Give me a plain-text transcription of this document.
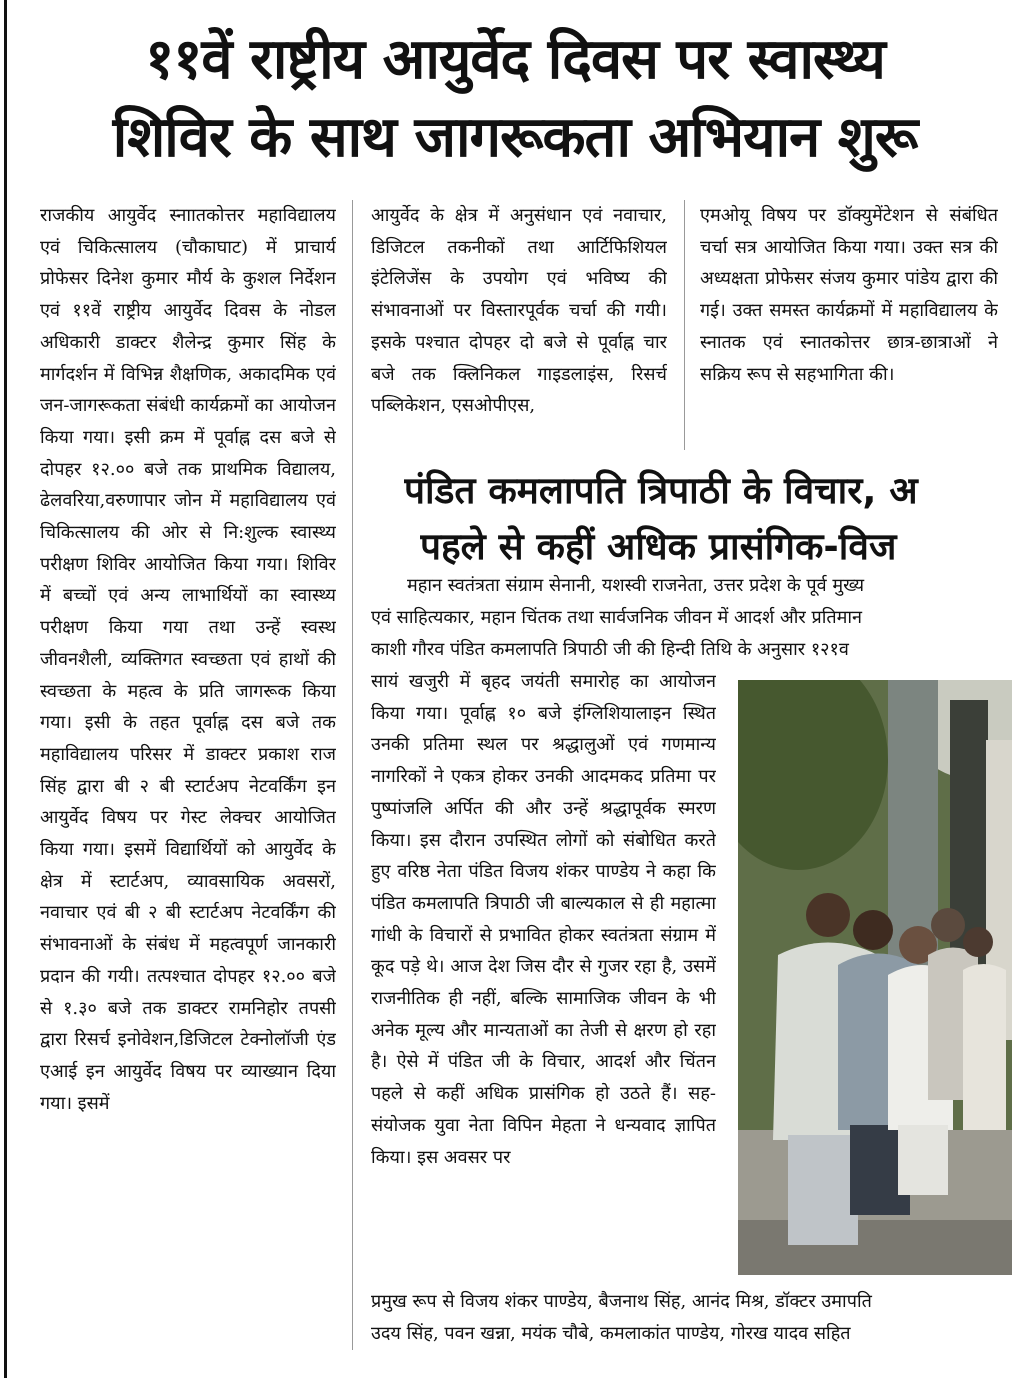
११वें राष्ट्रीय आयुर्वेद दिवस पर स्वास्थ्य
शिविर के साथ जागरूकता अभियान शुरू

राजकीय आयुर्वेद स्नाातकोत्तर महाविद्यालय एवं चिकित्सालय (चौकाघाट) में प्राचार्य प्रोफेसर दिनेश कुमार मौर्य के कुशल निर्देशन एवं ११वें राष्ट्रीय आयुर्वेद दिवस के नोडल अधिकारी डाक्टर शैलेन्द्र कुमार सिंह के मार्गदर्शन में विभिन्न शैक्षणिक, अकादमिक एवं जन-जागरूकता संबंधी कार्यक्रमों का आयोजन किया गया। इसी क्रम में पूर्वाह्न दस बजे से दोपहर १२.०० बजे तक प्राथमिक विद्यालय, ढेलवरिया,वरुणापार जोन में महाविद्यालय एवं चिकित्सालय की ओर से नि:शुल्क स्वास्थ्य परीक्षण शिविर आयोजित किया गया। शिविर में बच्चों एवं अन्य लाभार्थियों का स्वास्थ्य परीक्षण किया गया तथा उन्हें स्वस्थ जीवनशैली, व्यक्तिगत स्वच्छता एवं हाथों की स्वच्छता के महत्व के प्रति जागरूक किया गया। इसी के तहत पूर्वाह्न दस बजे तक महाविद्यालय परिसर में डाक्टर प्रकाश राज सिंह द्वारा बी २ बी स्टार्टअप नेटवर्किंग इन आयुर्वेद विषय पर गेस्ट लेक्चर आयोजित किया गया। इसमें विद्यार्थियों को आयुर्वेद के क्षेत्र में स्टार्टअप, व्यावसायिक अवसरों, नवाचार एवं बी २ बी स्टार्टअप नेटवर्किंग की संभावनाओं के संबंध में महत्वपूर्ण जानकारी प्रदान की गयी। तत्पश्चात दोपहर १२.०० बजे से १.३० बजे तक डाक्टर रामनिहोर तपसी द्वारा रिसर्च इनोवेशन,डिजिटल टेक्नोलॉजी एंड एआई इन आयुर्वेद विषय पर व्याख्यान दिया गया। इसमें

आयुर्वेद के क्षेत्र में अनुसंधान एवं नवाचार, डिजिटल तकनीकों तथा आर्टिफिशियल इंटेलिजेंस के उपयोग एवं भविष्य की संभावनाओं पर विस्तारपूर्वक चर्चा की गयी। इसके पश्चात दोपहर दो बजे से पूर्वाह्न चार बजे तक क्लिनिकल गाइडलाइंस, रिसर्च पब्लिकेशन, एसओपीएस,

एमओयू विषय पर डॉक्युमेंटेशन से संबंधित चर्चा सत्र आयोजित किया गया। उक्त सत्र की अध्यक्षता प्रोफेसर संजय कुमार पांडेय द्वारा की गई। उक्त समस्त कार्यक्रमों में महाविद्यालय के स्नातक एवं स्नातकोत्तर छात्र-छात्राओं ने सक्रिय रूप से सहभागिता की।

पंडित कमलापति त्रिपाठी के विचार, अ
पहले से कहीं अधिक प्रासंगिक-विज
महान स्वतंत्रता संग्राम सेनानी, यशस्वी राजनेता, उत्तर प्रदेश के पूर्व मुख्य
एवं साहित्यकार, महान चिंतक तथा सार्वजनिक जीवन में आदर्श और प्रतिमान
काशी गौरव पंडित कमलापति त्रिपाठी जी की हिन्दी तिथि के अनुसार १२१व

सायं खजुरी में बृहद जयंती समारोह का आयोजन किया गया। पूर्वाह्न १० बजे इंग्लिशियालाइन स्थित उनकी प्रतिमा स्थल पर श्रद्धालुओं एवं गणमान्य नागरिकों ने एकत्र होकर उनकी आदमकद प्रतिमा पर पुष्पांजलि अर्पित की और उन्हें श्रद्धापूर्वक स्मरण किया। इस दौरान उपस्थित लोगों को संबोधित करते हुए वरिष्ठ नेता पंडित विजय शंकर पाण्डेय ने कहा कि पंडित कमलापति त्रिपाठी जी बाल्यकाल से ही महात्मा गांधी के विचारों से प्रभावित होकर स्वतंत्रता संग्राम में कूद पड़े थे। आज देश जिस दौर से गुजर रहा है, उसमें राजनीतिक ही नहीं, बल्कि सामाजिक जीवन के भी अनेक मूल्य और मान्यताओं का तेजी से क्षरण हो रहा है। ऐसे में पंडित जी के विचार, आदर्श और चिंतन पहले से कहीं अधिक प्रासंगिक हो उठते हैं। सह-संयोजक युवा नेता विपिन मेहता ने धन्यवाद ज्ञापित किया। इस अवसर पर

प्रमुख रूप से विजय शंकर पाण्डेय, बैजनाथ सिंह, आनंद मिश्र, डॉक्टर उमापति
उदय सिंह, पवन खन्ना, मयंक चौबे, कमलाकांत पाण्डेय, गोरख यादव सहित
